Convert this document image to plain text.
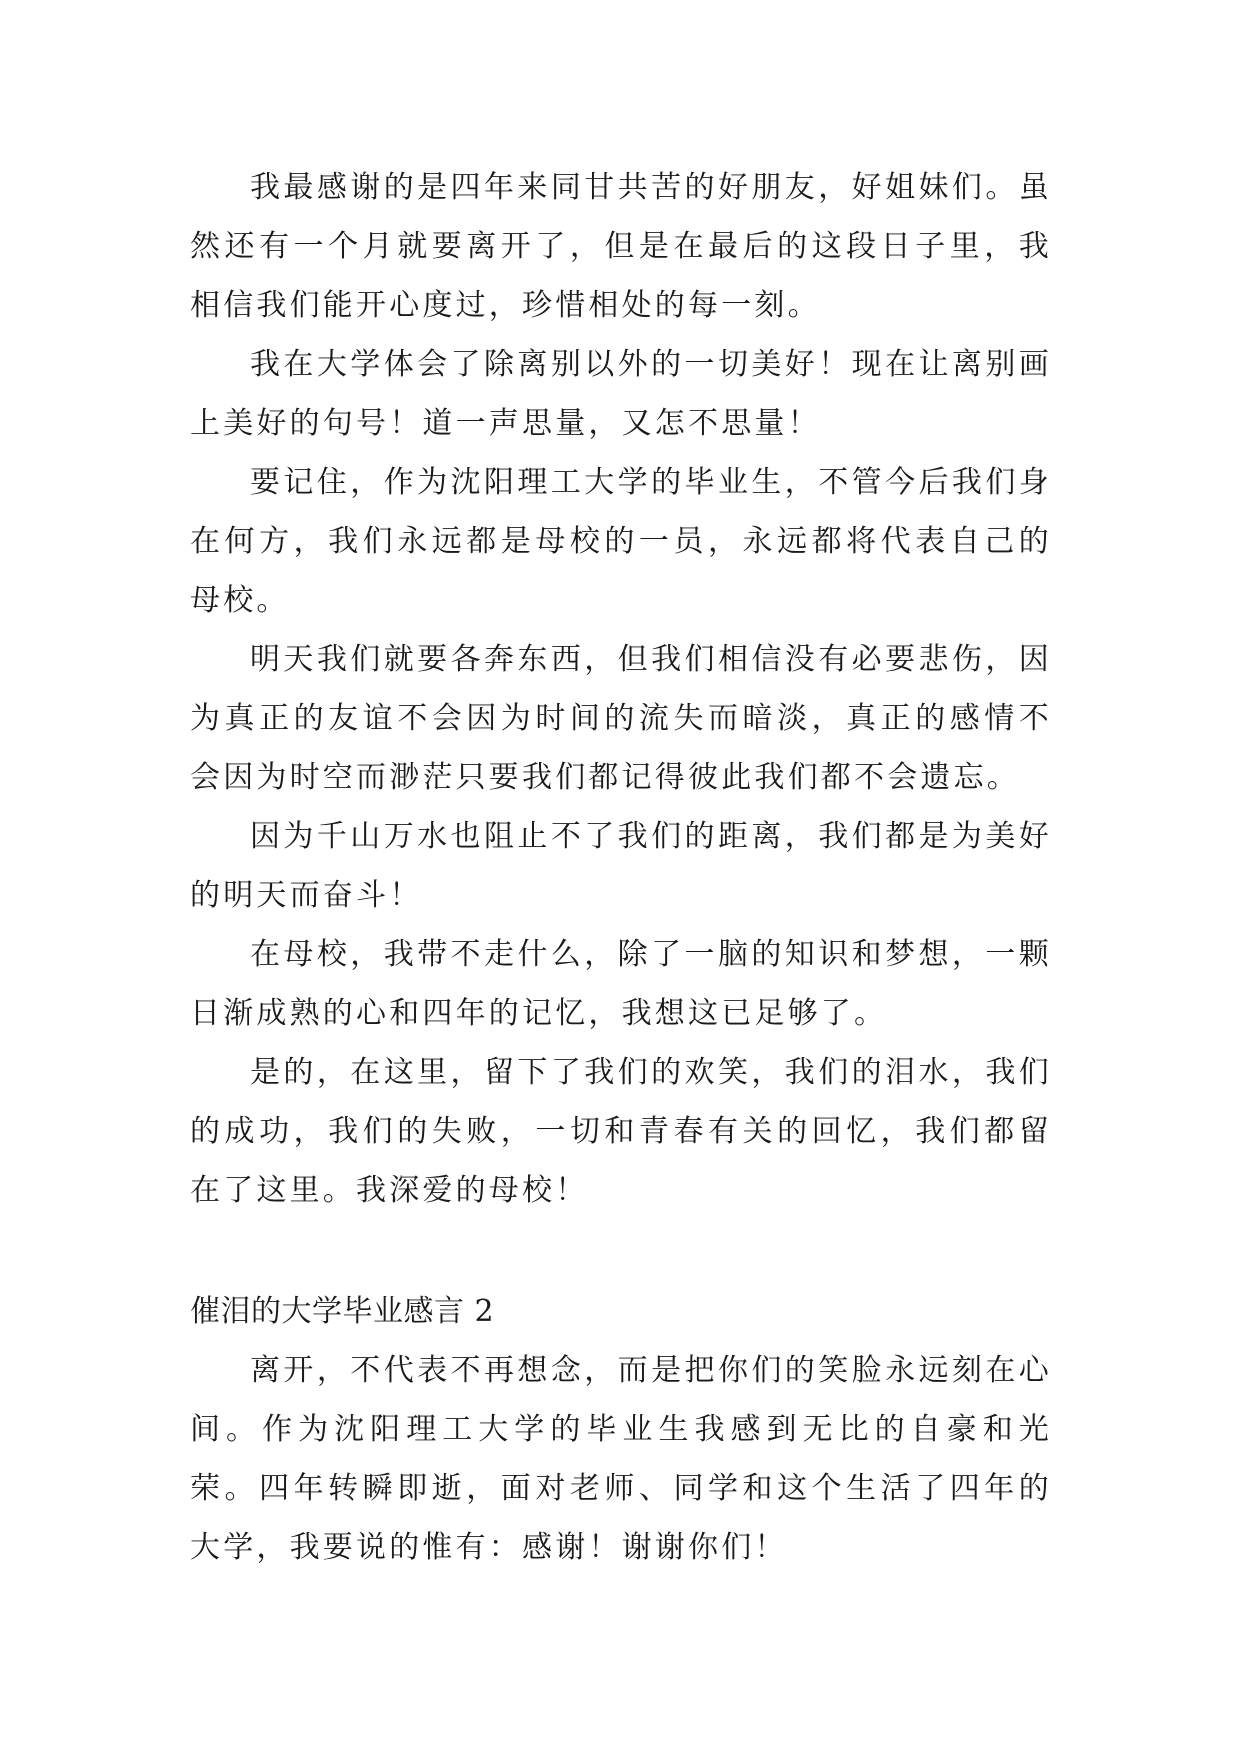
我最感谢的是四年来同甘共苦的好朋友，好姐妹们。虽然还有一个月就要离开了，但是在最后的这段日子里，我相信我们能开心度过，珍惜相处的每一刻。

我在大学体会了除离别以外的一切美好！现在让离别画上美好的句号！道一声思量，又怎不思量！

要记住，作为沈阳理工大学的毕业生，不管今后我们身在何方，我们永远都是母校的一员，永远都将代表自己的母校。

明天我们就要各奔东西，但我们相信没有必要悲伤，因为真正的友谊不会因为时间的流失而暗淡，真正的感情不会因为时空而渺茫只要我们都记得彼此我们都不会遗忘。

因为千山万水也阻止不了我们的距离，我们都是为美好的明天而奋斗！

在母校，我带不走什么，除了一脑的知识和梦想，一颗日渐成熟的心和四年的记忆，我想这已足够了。

是的，在这里，留下了我们的欢笑，我们的泪水，我们的成功，我们的失败，一切和青春有关的回忆，我们都留在了这里。我深爱的母校！

催泪的大学毕业感言 2

离开，不代表不再想念，而是把你们的笑脸永远刻在心间。作为沈阳理工大学的毕业生我感到无比的自豪和光荣。四年转瞬即逝，面对老师、同学和这个生活了四年的大学，我要说的惟有：感谢！谢谢你们！
